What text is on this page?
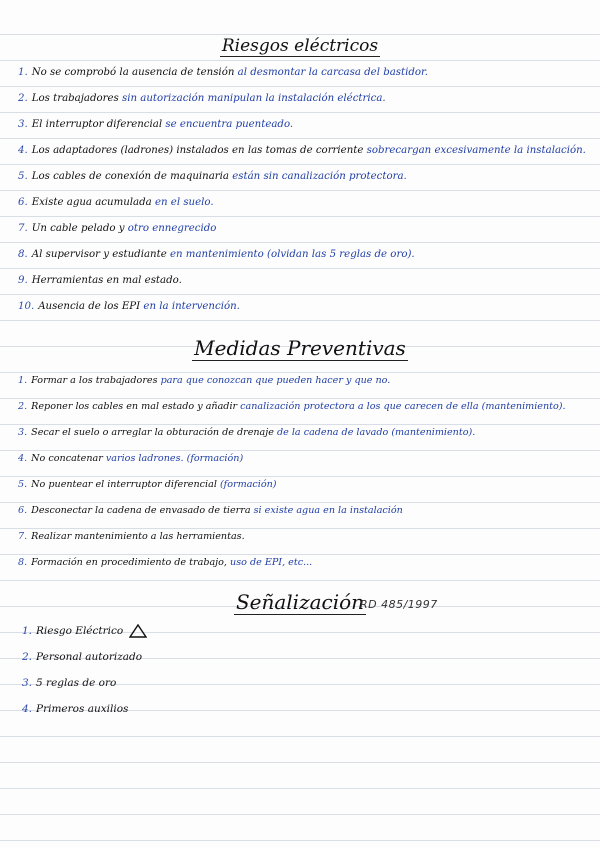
Riesgos eléctricos
1. No se comprobó la ausencia de tensión al desmontar la carcasa del bastidor.
2. Los trabajadores sin autorización manipulan la instalación eléctrica.
3. El interruptor diferencial se encuentra puenteado.
4. Los adaptadores (ladrones) instalados en las tomas de corriente sobrecargan excesivamente la instalación.
5. Los cables de conexión de maquinaria están sin canalización protectora.
6. Existe agua acumulada en el suelo.
7. Un cable pelado y otro ennegrecido
8. Al supervisor y estudiante en mantenimiento (olvidan las 5 reglas de oro).
9. Herramientas en mal estado.
10. Ausencia de los EPI en la intervención.
Medidas Preventivas
1. Formar a los trabajadores para que conozcan que pueden hacer y que no.
2. Reponer los cables en mal estado y añadir canalización protectora a los que carecen de ella (mantenimiento).
3. Secar el suelo o arreglar la obturación de drenaje de la cadena de lavado (mantenimiento).
4. No concatenar varios ladrones. (formación)
5. No puentear el interruptor diferencial (formación)
6. Desconectar la cadena de envasado de tierra si existe agua en la instalación
7. Realizar mantenimiento a las herramientas.
8. Formación en procedimiento de trabajo, uso de EPI, etc...
Señalización
RD 485/1997
1. Riesgo Eléctrico
2. Personal autorizado
3. 5 reglas de oro
4. Primeros auxilios
